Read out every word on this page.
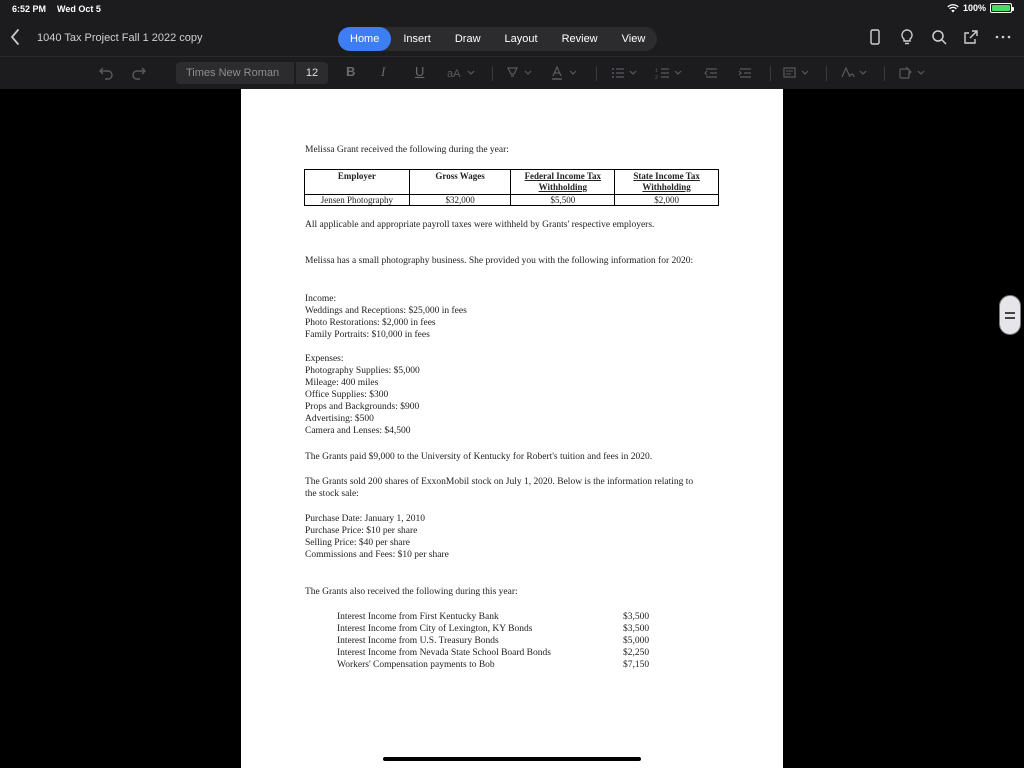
6:52 PM Wed Oct 5	100%
1040 Tax Project Fall 1 2022 copy	Home	Insert	Draw	Layout	Review	View
Times New Roman	12	B I U aA	1
2
Melissa Grant received the following during the year:
Employer	Gross Wages	Federal Income Tax Withholding	State Income Tax Withholding
Jensen Photography	$32,000	$5,500	$2,000
All applicable and appropriate payroll taxes were withheld by Grants' respective employers.
Melissa has a small photography business. She provided you with the following information for 2020:
Income:
Weddings and Receptions: $25,000 in fees
Photo Restorations: $2,000 in fees
Family Portraits: $10,000 in fees
Expenses:
Photography Supplies: $5,000
Mileage: 400 miles
Office Supplies: $300
Props and Backgrounds: $900
Advertising: $500
Camera and Lenses: $4,500
The Grants paid $9,000 to the University of Kentucky for Robert's tuition and fees in 2020.
The Grants sold 200 shares of ExxonMobil stock on July 1, 2020. Below is the information relating to the stock sale:
Purchase Date: January 1, 2010
Purchase Price: $10 per share
Selling Price: $40 per share
Commissions and Fees: $10 per share
The Grants also received the following during this year:
Interest Income from First Kentucky Bank	$3,500
Interest Income from City of Lexington, KY Bonds	$3,500
Interest Income from U.S. Treasury Bonds	$5,000
Interest Income from Nevada State School Board Bonds	$2,250
Workers' Compensation payments to Bob	$7,150
